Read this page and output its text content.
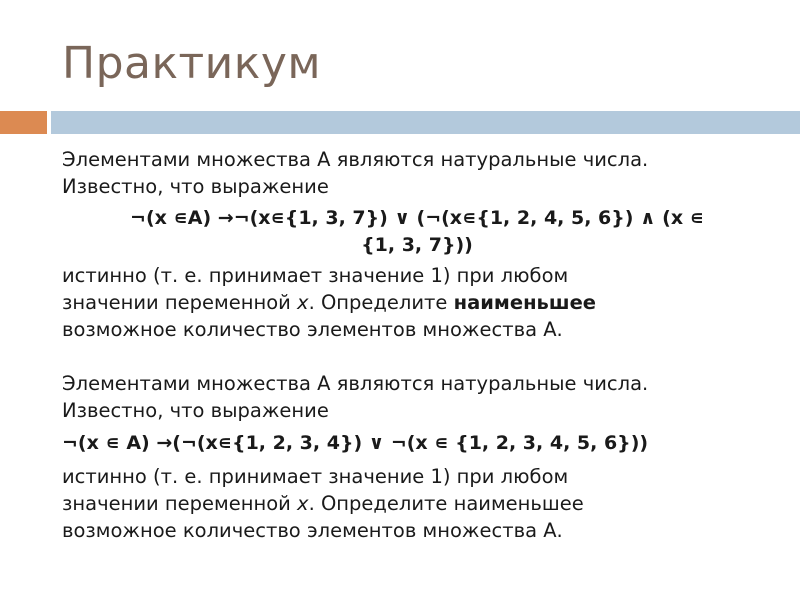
Практикум

Элементами множества А являются натуральные числа.
Известно, что выражение

¬(x ∊A) →¬(x∊{1, 3, 7}) ∨ (¬(x∊{1, 2, 4, 5, 6}) ∧ (x ∊
{1, 3, 7}))

истинно (т. е. принимает значение 1) при любом
значении переменной x. Определите наименьшее
возможное количество элементов множества А.

Элементами множества А являются натуральные числа.
Известно, что выражение

¬(x ∊ A) →(¬(x∊{1, 2, 3, 4}) ∨ ¬(x ∊ {1, 2, 3, 4, 5, 6}))

истинно (т. е. принимает значение 1) при любом
значении переменной x. Определите наименьшее
возможное количество элементов множества А.
